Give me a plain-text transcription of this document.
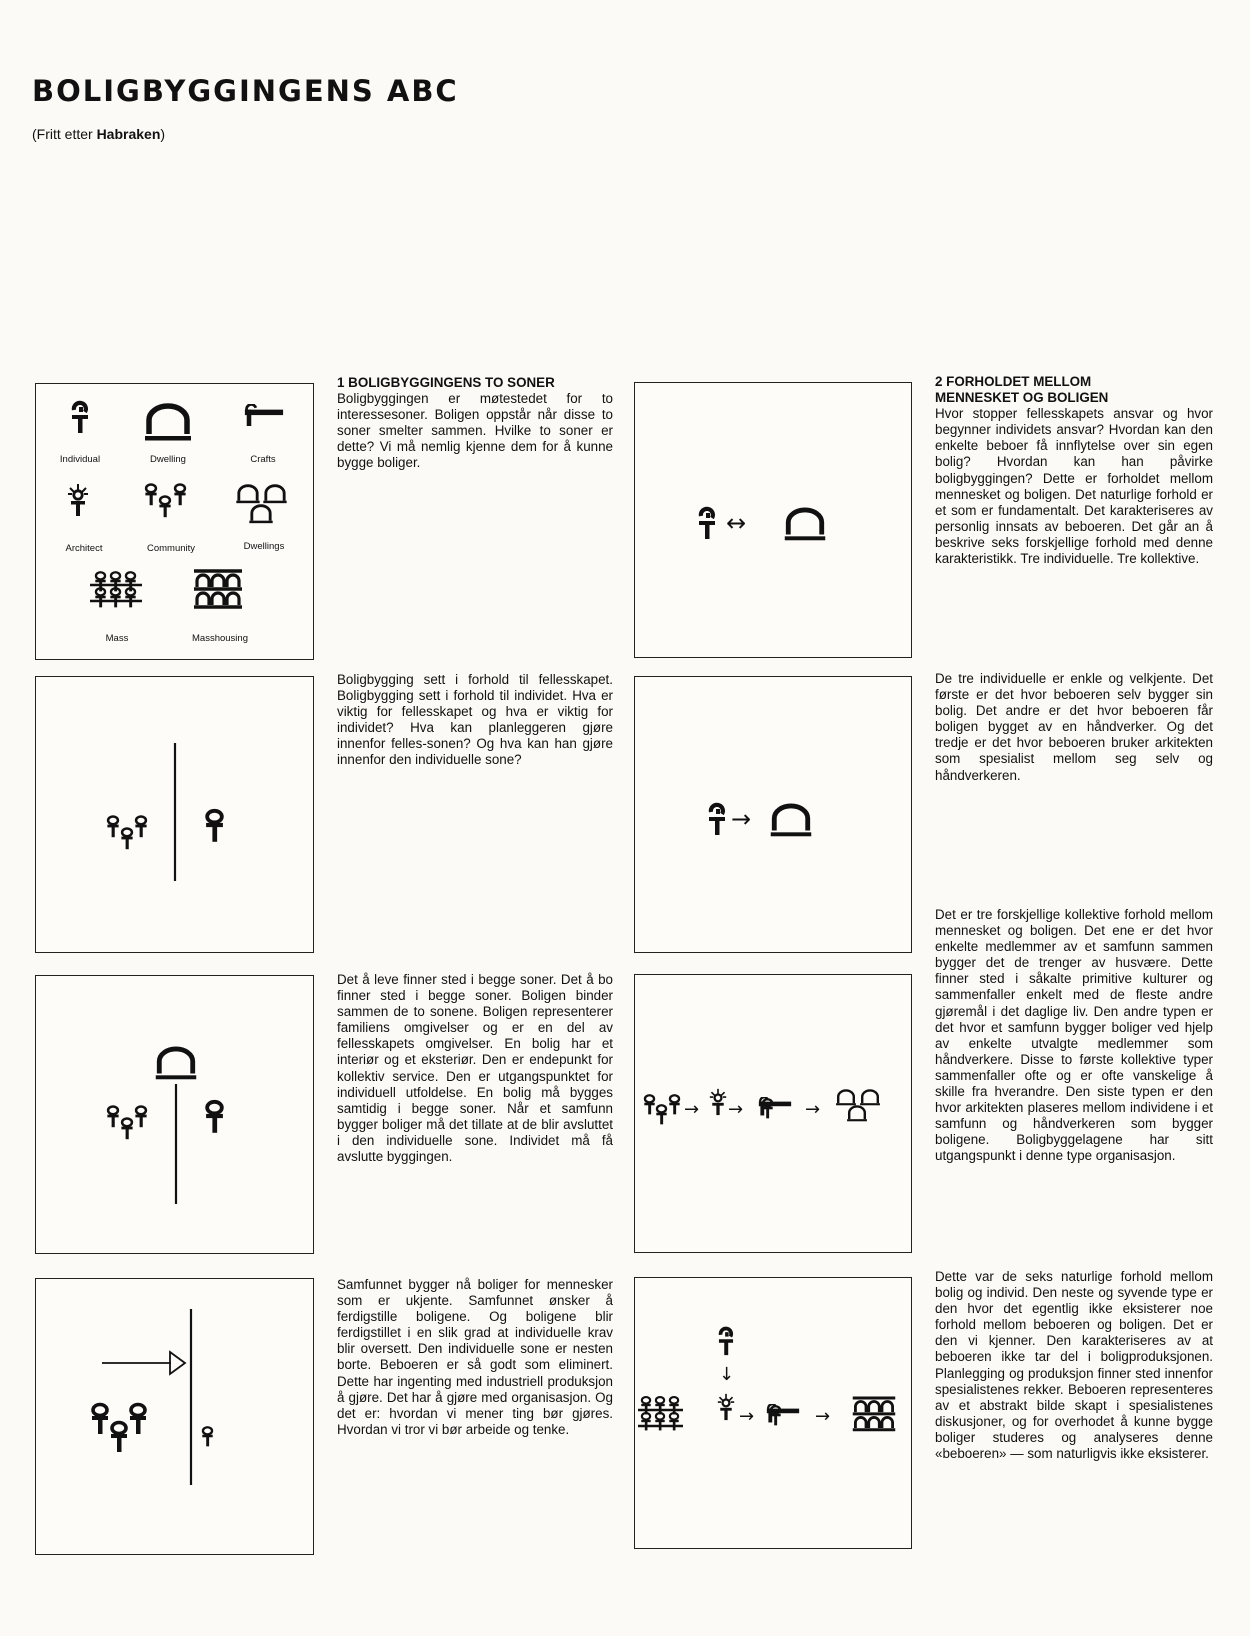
BOLIGBYGGINGENS ABC
(Fritt etter Habraken)
Individual	Dwelling	Crafts
Architect	Community	Dwellings
Mass	Masshousing

1 BOLIGBYGGINGENS TO SONER

Boligbyggingen er møtestedet for to interessesoner. Boligen oppstår når disse to soner smelter sammen. Hvilke to soner er dette? Vi må nemlig kjenne dem for å kunne bygge boliger.

↔

2 FORHOLDET MELLOM
MENNESKET OG BOLIGEN

Hvor stopper fellesskapets ansvar og hvor begynner individets ansvar? Hvordan kan den enkelte beboer få innflytelse over sin egen bolig? Hvordan kan han påvirke boligbyggingen? Dette er forholdet mellom mennesket og boligen. Det naturlige forhold er et som er fundamentalt. Det karakteriseres av personlig innsats av beboeren. Det går an å beskrive seks forskjellige forhold med denne karakteristikk. Tre individuelle. Tre kollektive.

Boligbygging sett i forhold til fellesskapet. Boligbygging sett i forhold til individet. Hva er viktig for fellesskapet og hva er viktig for individet? Hva kan planleggeren gjøre innenfor felles-sonen? Og hva kan han gjøre innenfor den individuelle sone?
→
De tre individuelle er enkle og velkjente. Det første er det hvor beboeren selv bygger sin bolig. Det andre er det hvor beboeren får boligen bygget av en håndverker. Og det tredje er det hvor beboeren bruker arkitekten som spesialist mellom seg selv og håndverkeren.
Det å leve finner sted i begge soner. Det å bo finner sted i begge soner. Boligen binder sammen de to sonene. Boligen representerer familiens omgivelser og er en del av fellesskapets omgivelser. En bolig har et interiør og et eksteriør. Den er endepunkt for kollektiv service. Den er utgangspunktet for individuell utfoldelse. En bolig må bygges samtidig i begge soner. Når et samfunn bygger boliger må det tillate at de blir avsluttet i den individuelle sone. Individet må få avslutte byggingen.
→ →	→
Det er tre forskjellige kollektive forhold mellom mennesket og boligen. Det ene er det hvor enkelte medlemmer av et samfunn sammen bygger det de trenger av husvære. Dette finner sted i såkalte primitive kulturer og sammenfaller enkelt med de fleste andre gjøremål i det daglige liv. Den andre typen er det hvor et samfunn bygger boliger ved hjelp av enkelte utvalgte medlemmer som håndverkere. Disse to første kollektive typer sammenfaller ofte og er ofte vanskelige å skille fra hverandre. Den siste typen er den hvor arkitekten plaseres mellom individene i et samfunn og håndverkeren som bygger boligene. Boligbyggelagene har sitt utgangspunkt i denne type organisasjon.
Samfunnet bygger nå boliger for mennesker som er ukjente. Samfunnet ønsker å ferdigstille boligene. Og boligene blir ferdigstillet i en slik grad at individuelle krav blir oversett. Den individuelle sone er nesten borte. Beboeren er så godt som eliminert. Dette har ingenting med industriell produksjon å gjøre. Det har å gjøre med organisasjon. Og det er: hvordan vi mener ting bør gjøres. Hvordan vi tror vi bør arbeide og tenke.
↓
→	→
Dette var de seks naturlige forhold mellom bolig og individ. Den neste og syvende type er den hvor det egentlig ikke eksisterer noe forhold mellom beboeren og boligen. Det er den vi kjenner. Den karakteriseres av at beboeren ikke tar del i boligproduksjonen. Planlegging og produksjon finner sted innenfor spesialistenes rekker. Beboeren representeres av et abstrakt bilde skapt i spesialistenes diskusjoner, og for overhodet å kunne bygge boliger studeres og analyseres denne «beboeren» — som naturligvis ikke eksisterer.
